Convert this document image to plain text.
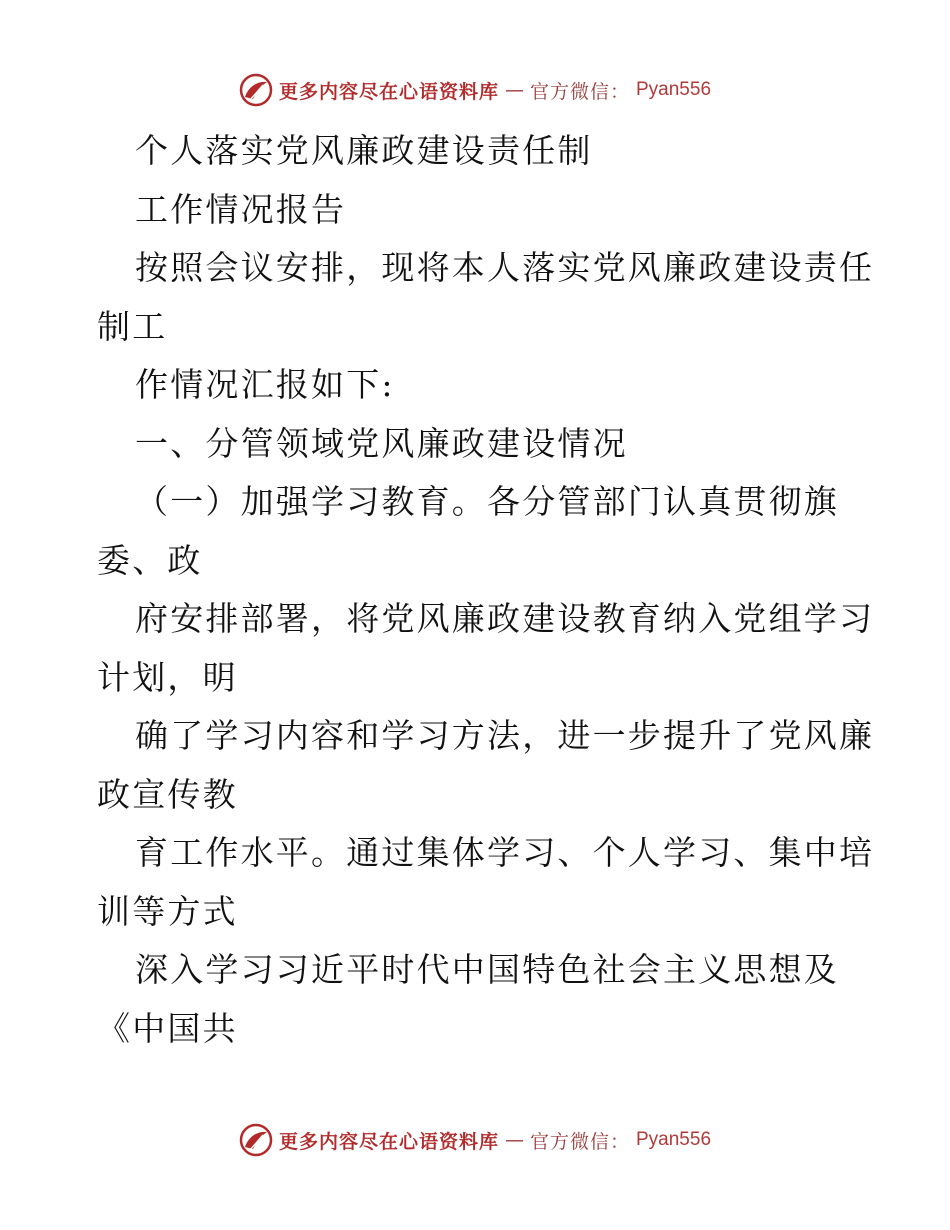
更多内容尽在心语资料库 — 官方微信： Pyan556
个人落实党风廉政建设责任制
工作情况报告
按照会议安排，现将本人落实党风廉政建设责任
制工
作情况汇报如下:
一、分管领域党风廉政建设情况
（一）加强学习教育。各分管部门认真贯彻旗
委、政
府安排部署，将党风廉政建设教育纳入党组学习
计划，明
确了学习内容和学习方法，进一步提升了党风廉
政宣传教
育工作水平。通过集体学习、个人学习、集中培
训等方式
深入学习习近平时代中国特色社会主义思想及
《中国共
更多内容尽在心语资料库 — 官方微信： Pyan556
